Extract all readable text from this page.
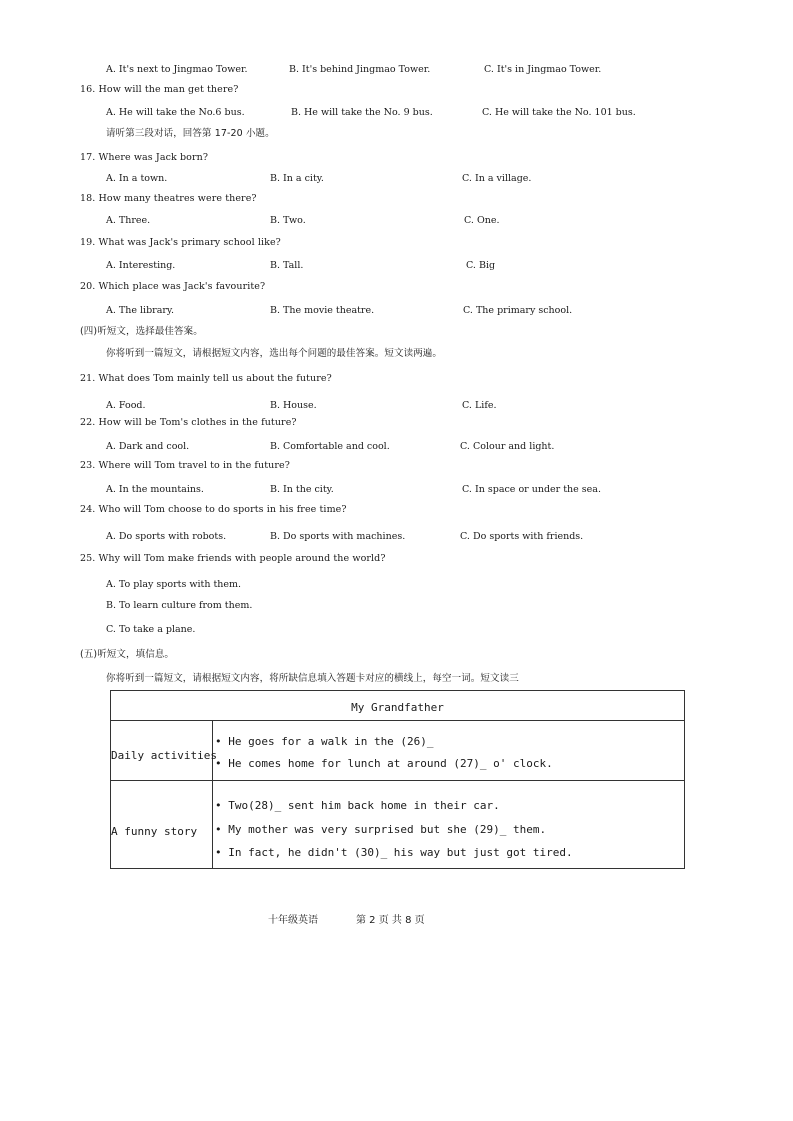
A. It's next to Jingmao Tower.	B. It's behind Jingmao Tower.	C. It's in Jingmao Tower.
16. How will the man get there?
A. He will take the No.6 bus.	B. He will take the No. 9 bus.	C. He will take the No. 101 bus.
请听第三段对话，回答第 17-20 小题。
17. Where was Jack born?
A. In a town.	B. In a city.	C. In a village.
18. How many theatres were there?
A. Three.	B. Two.	C. One.
19. What was Jack's primary school like?
A. Interesting.	B. Tall.	C. Big
20. Which place was Jack's favourite?
A. The library.	B. The movie theatre.	C. The primary school.
(四)听短文，选择最佳答案。
你将听到一篇短文，请根据短文内容，选出每个问题的最佳答案。短文读两遍。
21. What does Tom mainly tell us about the future?
A. Food.	B. House.	C. Life.
22. How will be Tom's clothes in the future?
A. Dark and cool.	B. Comfortable and cool.	C. Colour and light.
23. Where will Tom travel to in the future?
A. In the mountains.	B. In the city.	C. In space or under the sea.
24. Who will Tom choose to do sports in his free time?
A. Do sports with robots.	B. Do sports with machines.	C. Do sports with friends.
25. Why will Tom make friends with people around the world?
A. To play sports with them.
B. To learn culture from them.
C. To take a plane.
(五)听短文，填信息。
你将听到一篇短文，请根据短文内容，将所缺信息填入答题卡对应的横线上，每空一词。短文读三
My Grandfather
Daily activities
• He goes for a walk in the (26)_
• He comes home for lunch at around (27)_ o' clock.
A funny story
• Two(28)_ sent him back home in their car.
• My mother was very surprised but she (29)_ them.
• In fact, he didn't (30)_ his way but just got tired.
十年级英语	第 2 页 共 8 页
